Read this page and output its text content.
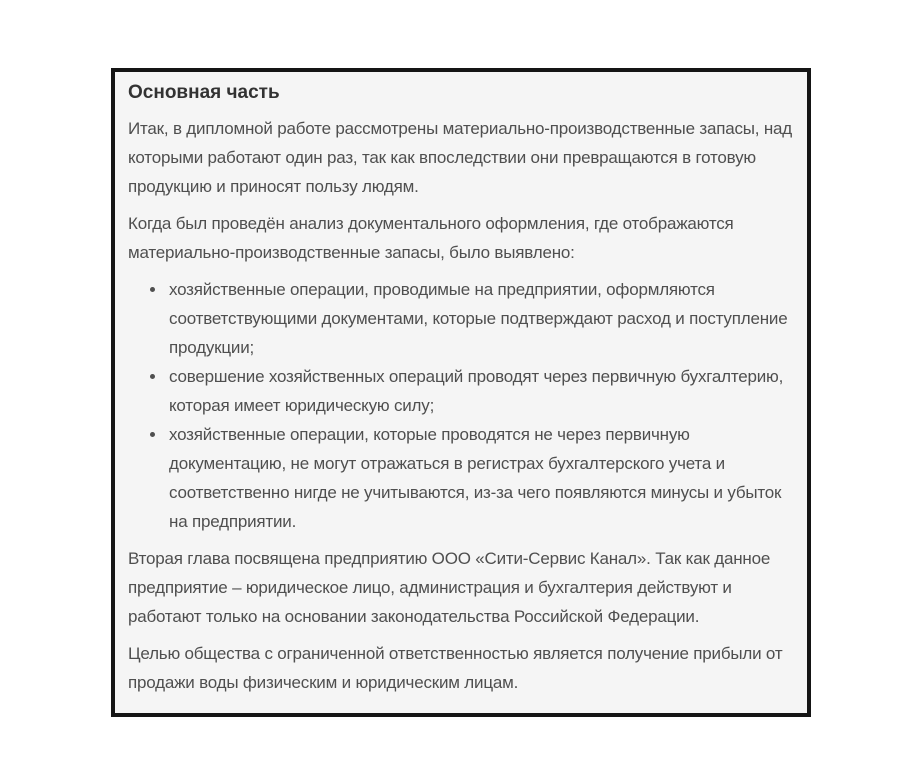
Основная часть

Итак, в дипломной работе рассмотрены материально-производственные запасы, над которыми работают один раз, так как впоследствии они превращаются в готовую продукцию и приносят пользу людям.

Когда был проведён анализ документального оформления, где отображаются материально-производственные запасы, было выявлено:

• хозяйственные операции, проводимые на предприятии, оформляются соответствующими документами, которые подтверждают расход и поступление продукции;
• совершение хозяйственных операций проводят через первичную бухгалтерию, которая имеет юридическую силу;
• хозяйственные операции, которые проводятся не через первичную документацию, не могут отражаться в регистрах бухгалтерского учета и соответственно нигде не учитываются, из-за чего появляются минусы и убыток на предприятии.

Вторая глава посвящена предприятию ООО «Сити-Сервис Канал». Так как данное предприятие – юридическое лицо, администрация и бухгалтерия действуют и работают только на основании законодательства Российской Федерации.

Целью общества с ограниченной ответственностью является получение прибыли от продажи воды физическим и юридическим лицам.
